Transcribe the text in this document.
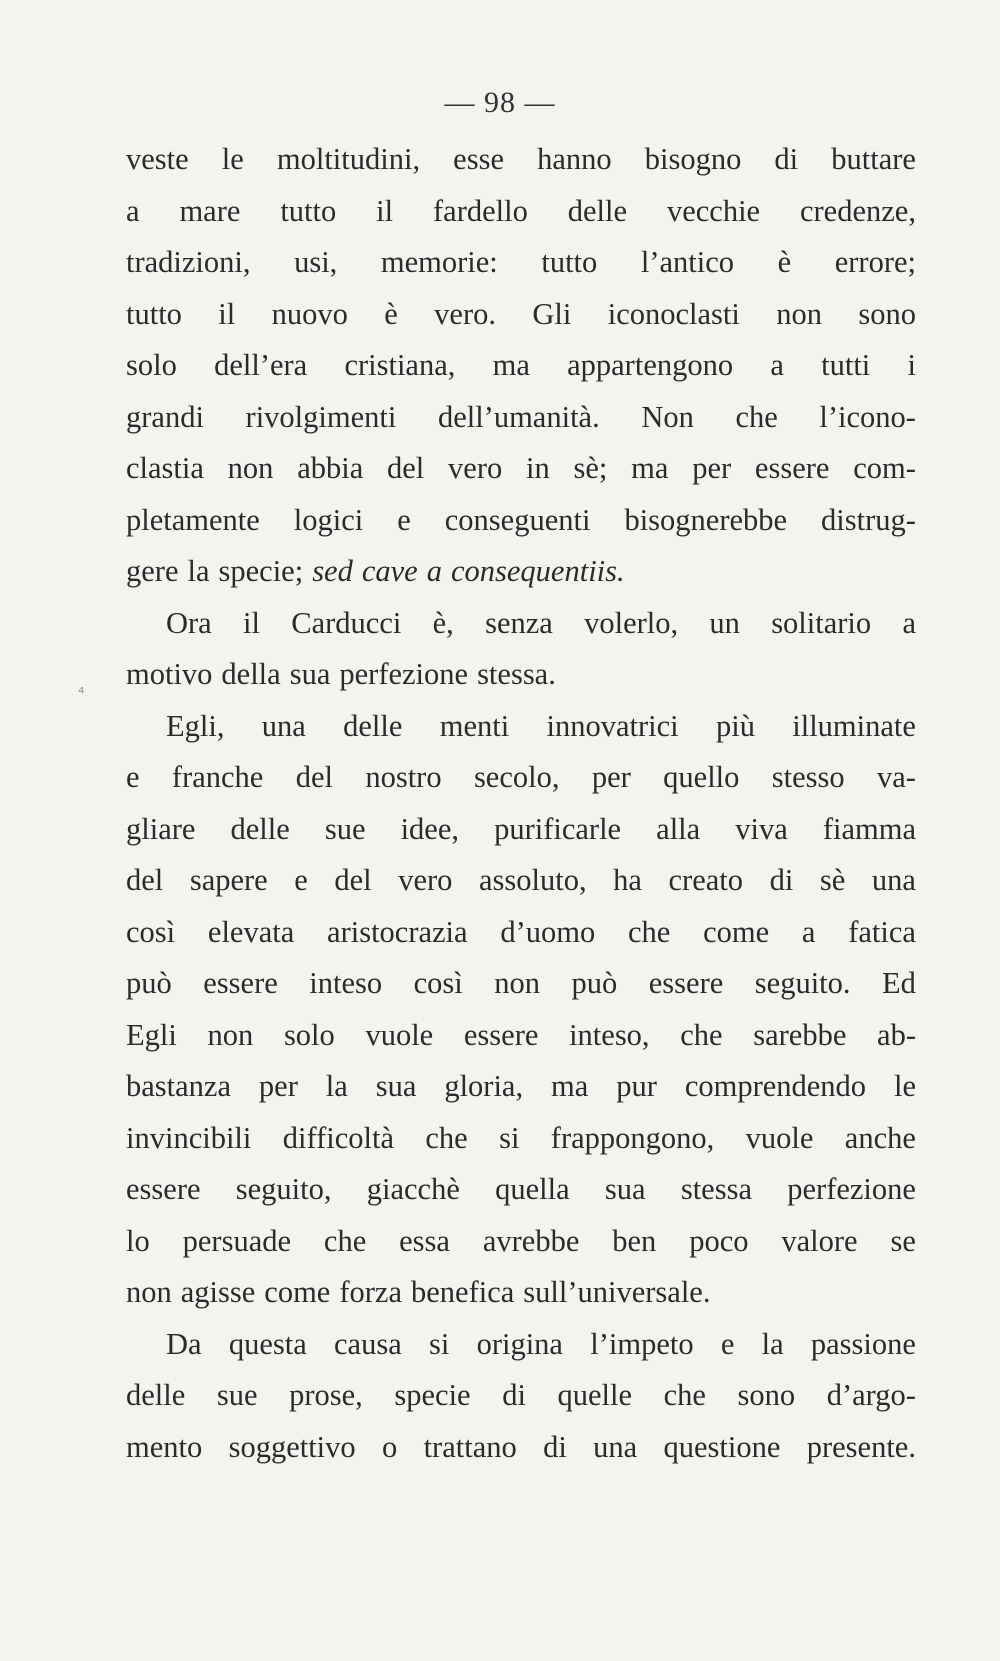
— 98 —
⁴
veste le moltitudini, esse hanno bisogno di buttare
a mare tutto il fardello delle vecchie credenze,
tradizioni, usi, memorie: tutto l’antico è errore;
tutto il nuovo è vero. Gli iconoclasti non sono
solo dell’era cristiana, ma appartengono a tutti i
grandi rivolgimenti dell’umanità. Non che l’icono-
clastia non abbia del vero in sè; ma per essere com-
pletamente logici e conseguenti bisognerebbe distrug-
gere la specie; sed cave a consequentiis.
Ora il Carducci è, senza volerlo, un solitario a
motivo della sua perfezione stessa.
Egli, una delle menti innovatrici più illuminate
e franche del nostro secolo, per quello stesso va-
gliare delle sue idee, purificarle alla viva fiamma
del sapere e del vero assoluto, ha creato di sè una
così elevata aristocrazia d’uomo che come a fatica
può essere inteso così non può essere seguito. Ed
Egli non solo vuole essere inteso, che sarebbe ab-
bastanza per la sua gloria, ma pur comprendendo le
invincibili difficoltà che si frappongono, vuole anche
essere seguito, giacchè quella sua stessa perfezione
lo persuade che essa avrebbe ben poco valore se
non agisse come forza benefica sull’universale.
Da questa causa si origina l’impeto e la passione
delle sue prose, specie di quelle che sono d’argo-
mento soggettivo o trattano di una questione presente.
